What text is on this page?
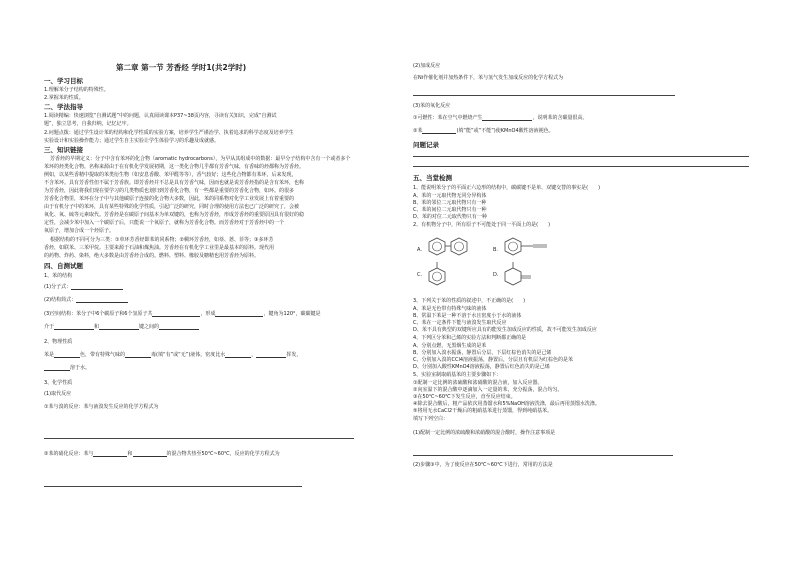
第二章 第一节 芳香烃 学时1(共2学时)
一、学习目标
1.理解苯分子结构的特殊性。
2.掌握苯的性质。
二、学法指导
1.阅读精编：快速浏览“自测试题”中的问题，认真阅读课本P37~38页内容，寻读有关知识，完成“自测试
题”，独立思考，自我归纳，记忆记牢。
2.问题点拨：通过学生设计苯的结构和化学性质的实验方案，培养学生严谨治学、执着追求的科学态度及培养学生
实验设计和实验操作能力；通过学生自主实验让学生体验学习的乐趣及成就感。
三、知识链接
芳香烃的早期定义：分子中含有苯环的化合物（aromatic hydrocarbons），为早从其组成中的数据：最早分子结构中含有一个或者多个
苯环的烃类化合物。名称来源由于在有机化学发展初期，这一类化合物几乎都有芳香气味，有香味的烃都称为芳香烃。
例如，以某些香精中提取的苯类衍生物（如安息香酸、苯甲醛等等），香气较好；这些化合物都有苯环，后来发现，
不含苯环。具有芳香性但不属于芳香族。即芳香烃并不总是具有芳香气味，因而也就是说芳香烃指的是含有苯环，也称
为芳香烃，因此将我们现在要学习的几类物质也划归到芳香化合物，有一些都是重要的芳香化合物，如环。的很多
芳香化合物里，苯环在分子中与其他碳原子连接的化合物大多数，因此，苯的同系物对化学工业发展上有着重要的
由于有机分子中的苯环，具有某些特殊的化学性质，引起广泛的研究，同时合理的使用方法也已广泛的研究了，会被
氧化、氧、硫等元素取代。芳香烃是在碳原子间基本为单双键的，也称为芳香烃，形成芳香烃的重要原因具有很好的稳
定性，会减少苯中加入一个碳原子后，只能说一个氧原子，就称为芳香化合物。而芳香烃对于芳香烃中的一个
氧原子，增加合成一个烃原子。
根据结构的不同可分为三类：①单环芳香烃即苯的同系物；②稠环芳香烃，如萘、蒽、菲等；③多环芳
香烃，如联苯、三苯甲烷。主要来源于石油和煤焦油。芳香烃在有机化学工业里是最基本的原料。现代用
的药物、炸药、染料，绝大多数是由芳香烃合成的。燃料、塑料、橡胶及糖精也用芳香烃为原料。
四、自测试题
1、苯的结构
(1)分子式：
(2)结构简式：
(3)空间结构：苯分子中6个碳原子和6个氢原子共	，形成	，键角为120°，碳碳键是
介于	和	键之间的
2、物理性质
苯是	色，带有特殊气味的	毒(填“有”或“无”)液体，密度比水	，	挥发，
溶于水。
3、化学性质
(1)取代反应
①苯与溴的反应：苯与液溴发生反应的化学方程式为
②苯的硝化反应：苯与	和	的混合物共热至50℃~60℃，反应的化学方程式为
(2)加成反应
在Ni作催化剂并加热条件下，苯与氢气发生加成反应的化学方程式为
(3)苯的氧化反应
①可燃性：苯在空气中燃烧产生	，说明苯的含碳量很高。
②苯	(填“能”或“不能”)使KMnO4酸性溶液褪色。
问题记录
五、当堂检测
1、能说明苯分子的平面正六边形的结构中，碳碳键不是单、双键交替的事实是(　　)
A、苯的一元取代物无同分异构体
B、苯的邻位二元取代物只有一种
C、苯的间位二元取代物只有一种
D、苯的对位二元取代物只有一种
2、有机物分子中，所有原子不可能处于同一平面上的是(　　)
A.	B.
C.	D.
3、下列关于苯的性质的叙述中，不正确的是(　　)
A、苯是无色带有特殊气味的液体
B、常温下苯是一种不溶于水且密度小于水的液体
C、苯在一定条件下能与液溴发生取代反应
D、苯不具有典型的双键所应具有的能发生加成反应的性质，故不可能发生加成反应
4、下列区分苯和己烯的实验方法和判断都正确的是
A、分别点燃，无黑烟生成的是苯
B、分别加入溴水振荡，静置后分层，下层红棕色消失的是己烯
C、分别加入溴的CCl4溶液振荡，静置后，分层且有机层为红棕色的是苯
D、分别加入酸性KMnO4溶液振荡，静置后红色消失的是己烯
5、实验室制取硝基苯的主要步骤如下：
①配制一定比例的浓硫酸和浓硝酸的混合液，加入反应器。
②向室温下的混合酸中逐滴加入一定量的苯，充分振荡，混合均匀。
③在50℃~60℃下发生反应，直至反应结束。
④除去混合酸后，粗产品依次用蒸馏水和5%NaOH溶液洗涤，最后再用蒸馏水洗涤。
⑤将用无水CaCl2干燥后的粗硝基苯进行蒸馏，得到纯硝基苯。
填写下列空白：
(1)配制一定比例的浓硫酸和浓硝酸的混合酸时，操作注意事项是
(2)步骤③中，为了使反应在50℃~60℃下进行，常用的方法是
